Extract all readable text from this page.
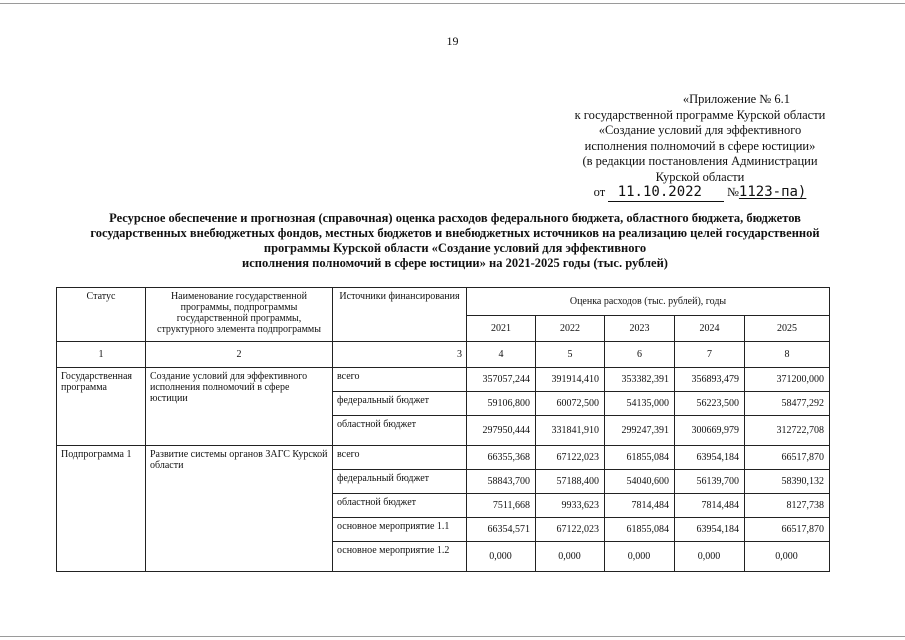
19
«Приложение № 6.1
к государственной программе Курской области
«Создание условий для эффективного
исполнения полномочий в сфере юстиции»
(в редакции постановления Администрации
Курской области
от 11.10.2022 №1123-па)
Ресурсное обеспечение и прогнозная (справочная) оценка расходов федерального бюджета, областного бюджета, бюджетов
государственных внебюджетных фондов, местных бюджетов и внебюджетных источников на реализацию целей государственной
программы Курской области «Создание условий для эффективного
исполнения полномочий в сфере юстиции» на 2021-2025 годы (тыс. рублей)
Статус	Наименование государственной программы, подпрограммы государственной программы, структурного элемента подпрограммы	Источники финансирования	Оценка расходов (тыс. рублей), годы				
			2021	2022	2023	2024	2025
1	2	3	4	5	6	7	8
Государственная программа	Создание условий для эффективного исполнения полномочий в сфере юстиции	всего	357057,244	391914,410	353382,391	356893,479	371200,000
		федеральный бюджет	59106,800	60072,500	54135,000	56223,500	58477,292
		областной бюджет	297950,444	331841,910	299247,391	300669,979	312722,708
Подпрограмма 1	Развитие системы органов ЗАГС Курской области	всего	66355,368	67122,023	61855,084	63954,184	66517,870
		федеральный бюджет	58843,700	57188,400	54040,600	56139,700	58390,132
		областной бюджет	7511,668	9933,623	7814,484	7814,484	8127,738
		основное мероприятие 1.1	66354,571	67122,023	61855,084	63954,184	66517,870
		основное мероприятие 1.2	0,000	0,000	0,000	0,000	0,000
